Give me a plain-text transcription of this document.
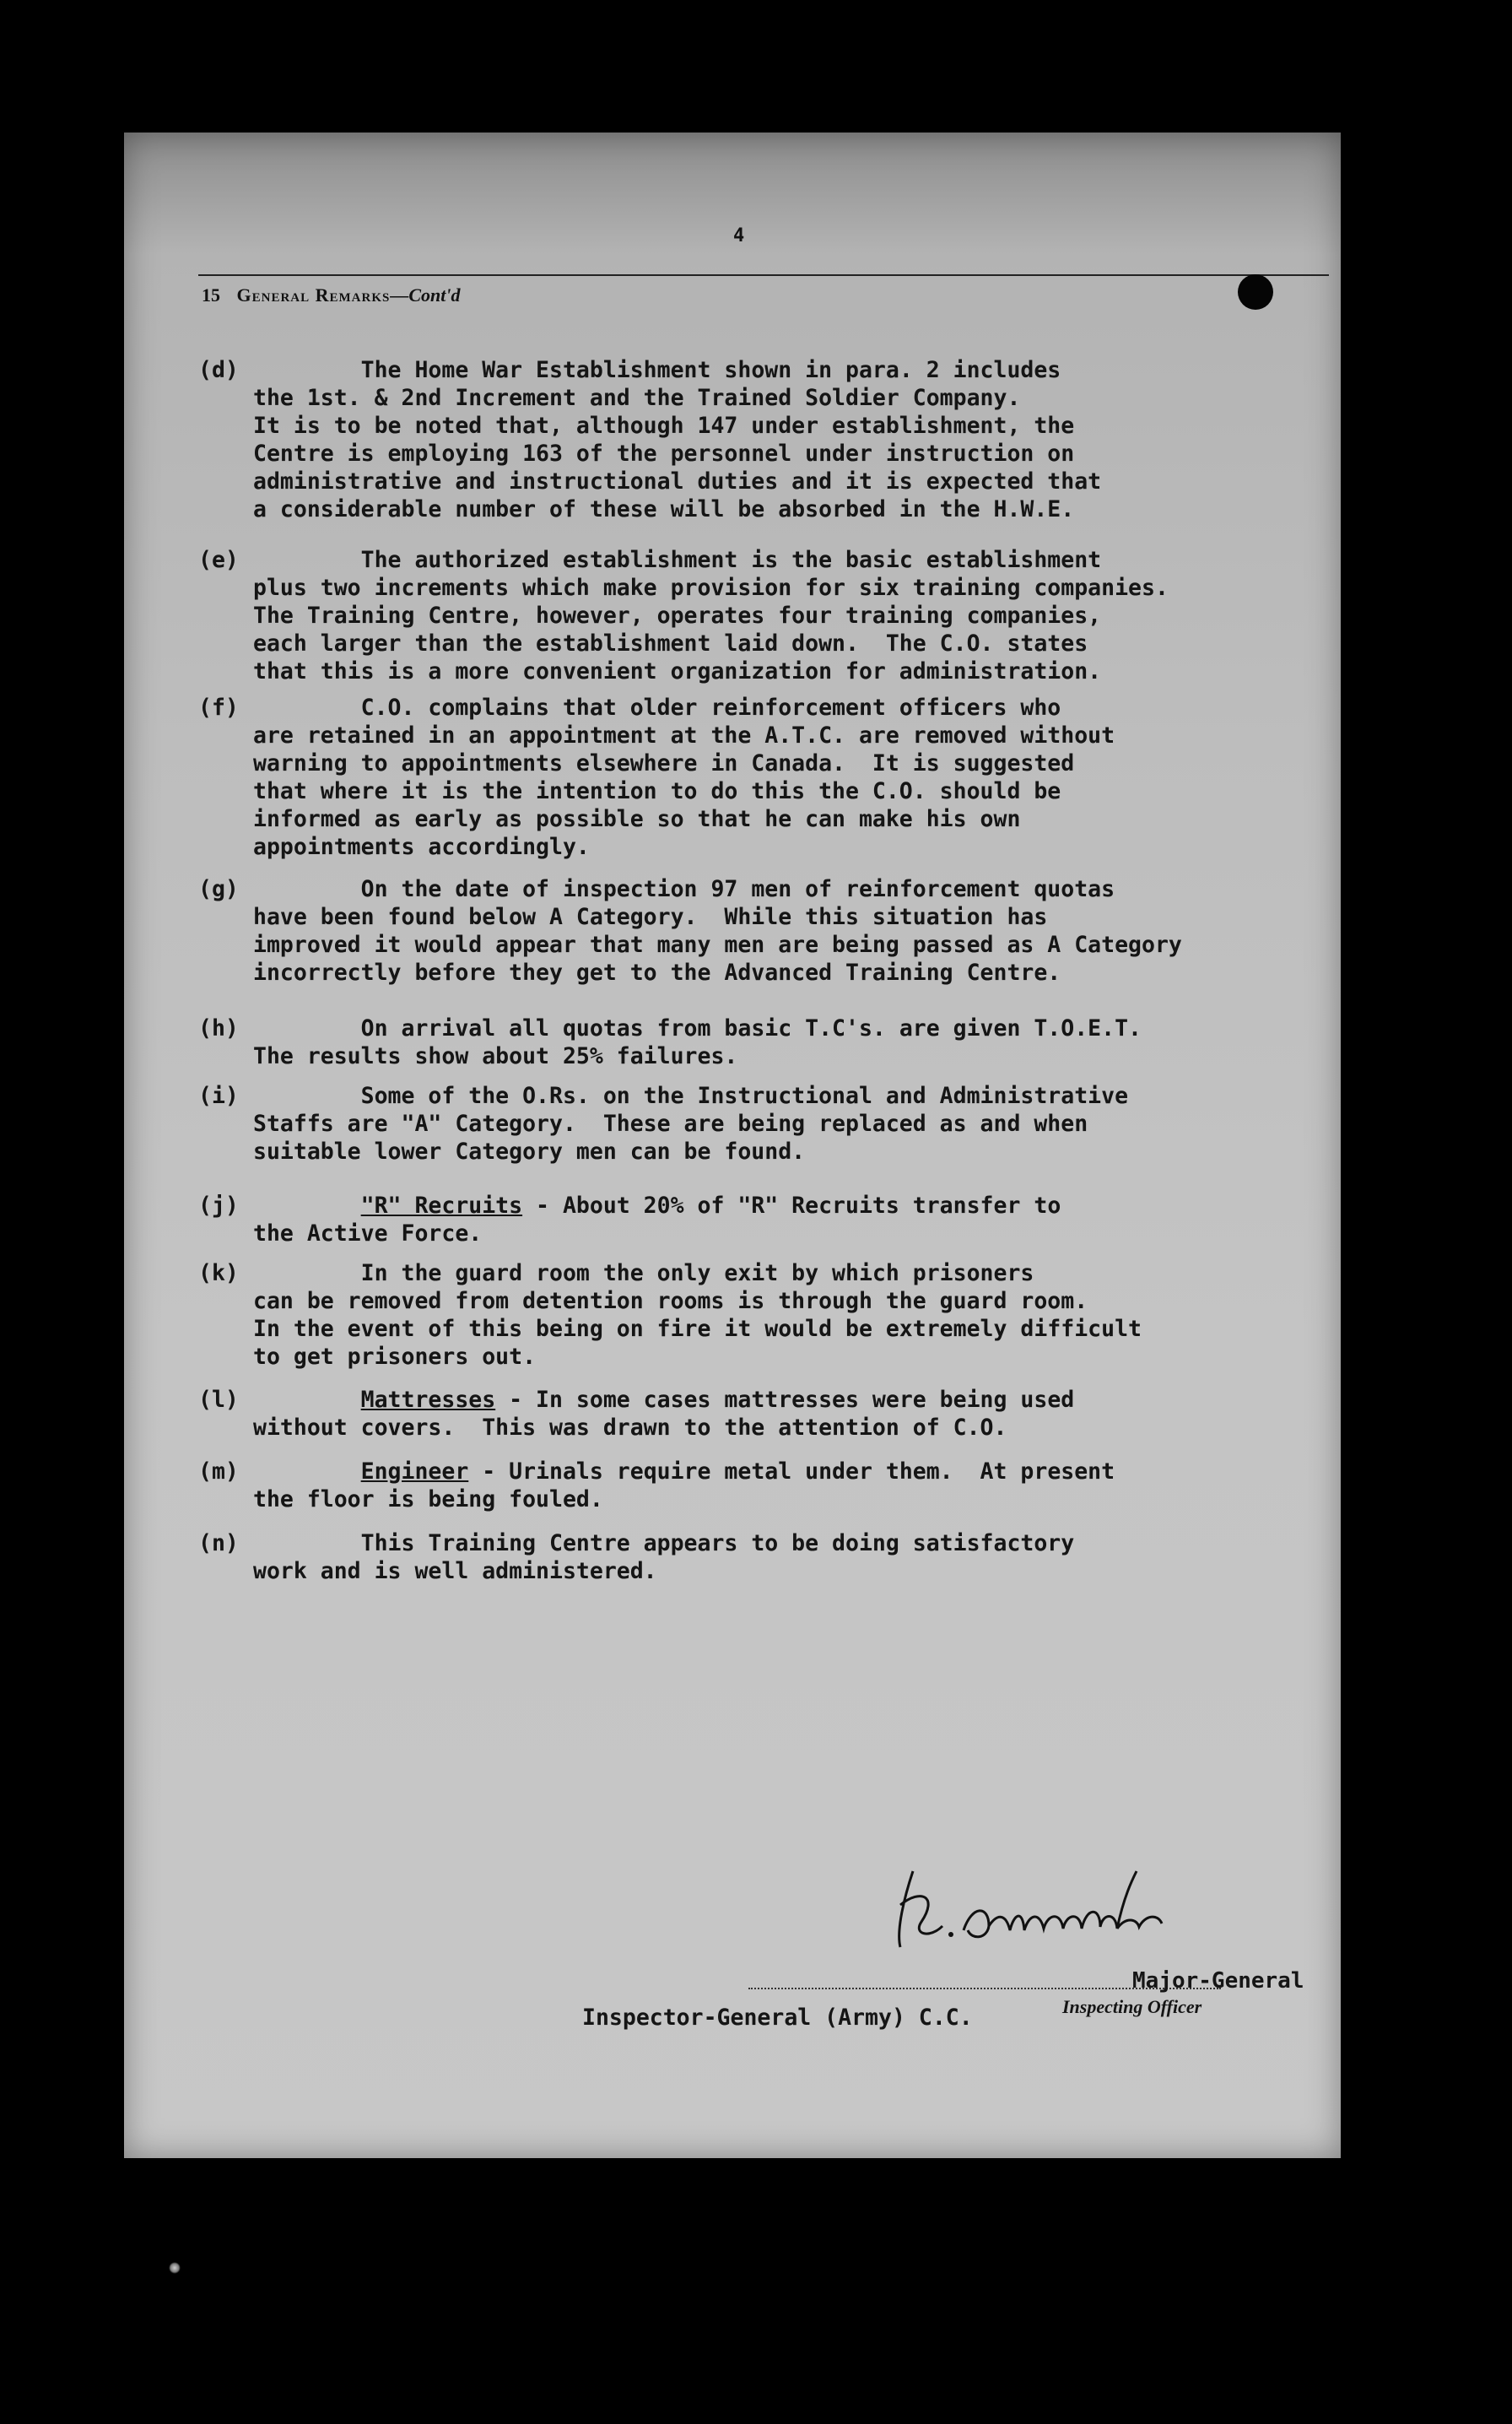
4
15 General Remarks—Cont'd
(d)	The Home War Establishment shown in para. 2 includes
the 1st. & 2nd Increment and the Trained Soldier Company.
It is to be noted that, although 147 under establishment, the
Centre is employing 163 of the personnel under instruction on
administrative and instructional duties and it is expected that
a considerable number of these will be absorbed in the H.W.E.
(e)	The authorized establishment is the basic establishment
plus two increments which make provision for six training companies.
The Training Centre, however, operates four training companies,
each larger than the establishment laid down.  The C.O. states
that this is a more convenient organization for administration.
(f)	C.O. complains that older reinforcement officers who
are retained in an appointment at the A.T.C. are removed without
warning to appointments elsewhere in Canada.  It is suggested
that where it is the intention to do this the C.O. should be
informed as early as possible so that he can make his own
appointments accordingly.
(g)	On the date of inspection 97 men of reinforcement quotas
have been found below A Category.  While this situation has
improved it would appear that many men are being passed as A Category
incorrectly before they get to the Advanced Training Centre.
(h)	On arrival all quotas from basic T.C's. are given T.O.E.T.
The results show about 25% failures.
(i)	Some of the O.Rs. on the Instructional and Administrative
Staffs are "A" Category.  These are being replaced as and when
suitable lower Category men can be found.
(j)	"R" Recruits - About 20% of "R" Recruits transfer to
the Active Force.
(k)	In the guard room the only exit by which prisoners
can be removed from detention rooms is through the guard room.
In the event of this being on fire it would be extremely difficult
to get prisoners out.
(l)	Mattresses - In some cases mattresses were being used
without covers.  This was drawn to the attention of C.O.
(m)	Engineer - Urinals require metal under them.  At present
the floor is being fouled.
(n)	This Training Centre appears to be doing satisfactory
work and is well administered.
Major-General
Inspecting Officer
Inspector-General (Army) C.C.
